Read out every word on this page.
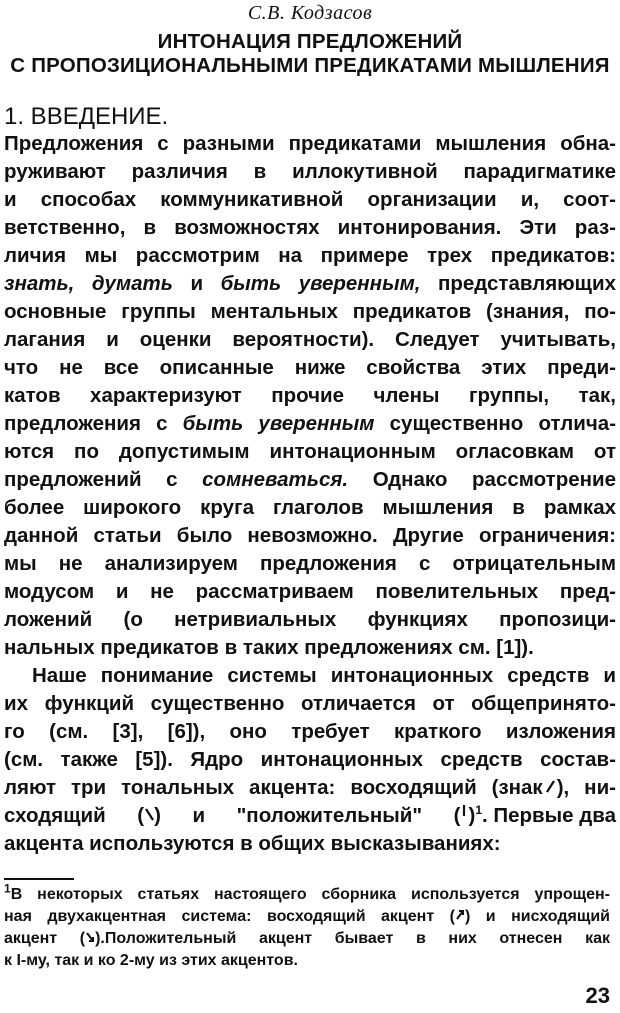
С.В. Кодзасов
ИНТОНАЦИЯ ПРЕДЛОЖЕНИЙ
С ПРОПОЗИЦИОНАЛЬНЫМИ ПРЕДИКАТАМИ МЫШЛЕНИЯ
1. ВВЕДЕНИЕ.
Предложения с разными предикатами мышления обна-
руживают различия в иллокутивной парадигматике
и способах коммуникативной организации и, соот-
ветственно, в возможностях интонирования. Эти раз-
личия мы рассмотрим на примере трех предикатов:
знать, думать и быть уверенным, представляющих
основные группы ментальных предикатов (знания, по-
лагания и оценки вероятности). Следует учитывать,
что не все описанные ниже свойства этих преди-
катов характеризуют прочие члены группы, так,
предложения с быть уверенным существенно отлича-
ются по допустимым интонационным огласовкам от
предложений с сомневаться. Однако рассмотрение
более широкого круга глаголов мышления в рамках
данной статьи было невозможно. Другие ограничения:
мы не анализируем предложения с отрицательным
модусом и не рассматриваем повелительных пред-
ложений (о нетривиальных функциях пропозици-
нальных предикатов в таких предложениях см. [1]).
Наше понимание системы интонационных средств и
их функций существенно отличается от общепринято-
го (см. [3], [6]), оно требует краткого изложения
(см. также [5]). Ядро интонационных средств состав-
ляют три тональных акцента: восходящий (знак ), ни-
сходящий ( ) и "положительный" ( )$^1$. Первые два
акцента используются в общих высказываниях:
$^1$В некоторых статьях настоящего сборника используется упрощен-
ная двухакцентная система: восходящий акцент ( ) и нисходящий
акцент ( ).Положительный акцент бывает в них отнесен как
к I-му, так и ко 2-му из этих акцентов.
23
